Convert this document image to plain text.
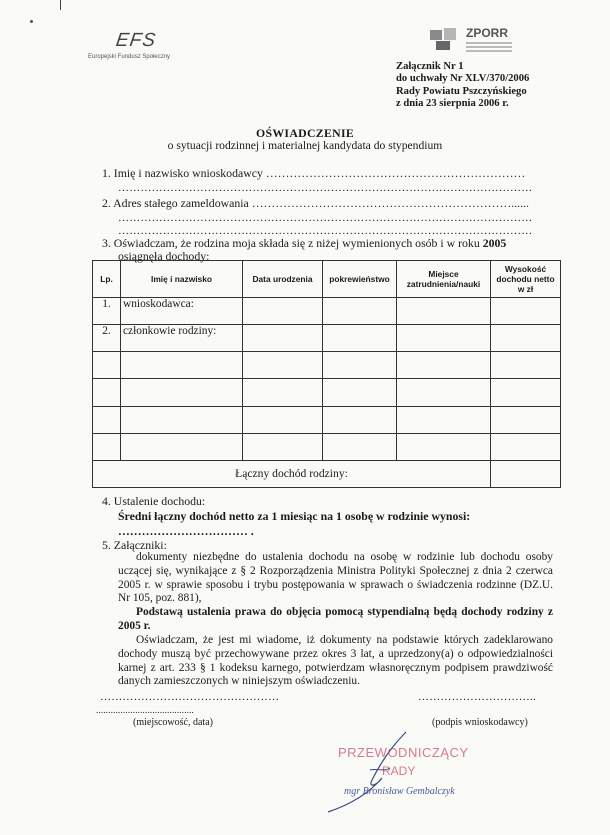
EFS
Europejski Fundusz Społeczny
ZPORR
Załącznik Nr 1
do uchwały Nr XLV/370/2006
Rady Powiatu Pszczyńskiego
z dnia 23 sierpnia 2006 r.
OŚWIADCZENIE
o sytuacji rodzinnej i materialnej kandydata do stypendium
1. Imię i nazwisko wnioskodawcy …………………………………………………………
…………………………………………………………………………………………………
2. Adres stałego zameldowania …………………………………………………………......
…………………………………………………………………………………………………
…………………………………………………………………………………………………
3. Oświadczam, że rodzina moja składa się z niżej wymienionych osób i w roku 2005
osiągnęła dochody:
Lp.	Imię i nazwisko	Data urodzenia	pokrewieństwo	Miejsce zatrudnienia/nauki	Wysokość dochodu netto w zł
1.	wnioskodawca:				
2.	członkowie rodziny:				

Łączny dochód rodziny:					
4. Ustalenie dochodu:
Średni łączny dochód netto za 1 miesiąc na 1 osobę w rodzinie wynosi:
…………………………… .
5. Załączniki:
dokumenty niezbędne do ustalenia dochodu na osobę w rodzinie lub dochodu osoby uczącej się, wynikające z § 2 Rozporządzenia Ministra Polityki Społecznej z dnia 2 czerwca 2005 r. w sprawie sposobu i trybu postępowania w sprawach o świadczenia rodzinne (DZ.U. Nr 105, poz. 881),
Podstawą ustalenia prawa do objęcia pomocą stypendialną będą dochody rodziny z 2005 r.
Oświadczam, że jest mi wiadome, iż dokumenty na podstawie których zadeklarowano dochody muszą być przechowywane przez okres 3 lat, a uprzedzony(a) o odpowiedzialności karnej z art. 233 § 1 kodeksu karnego, potwierdzam własnoręcznym podpisem prawdziwość danych zamieszczonych w niniejszym oświadczeniu.
…………………………………………
........................................
(miejscowość, data)
…………………………..
(podpis wnioskodawcy)
PRZEWODNICZĄCY
RADY
mgr Bronisław Gembalczyk
